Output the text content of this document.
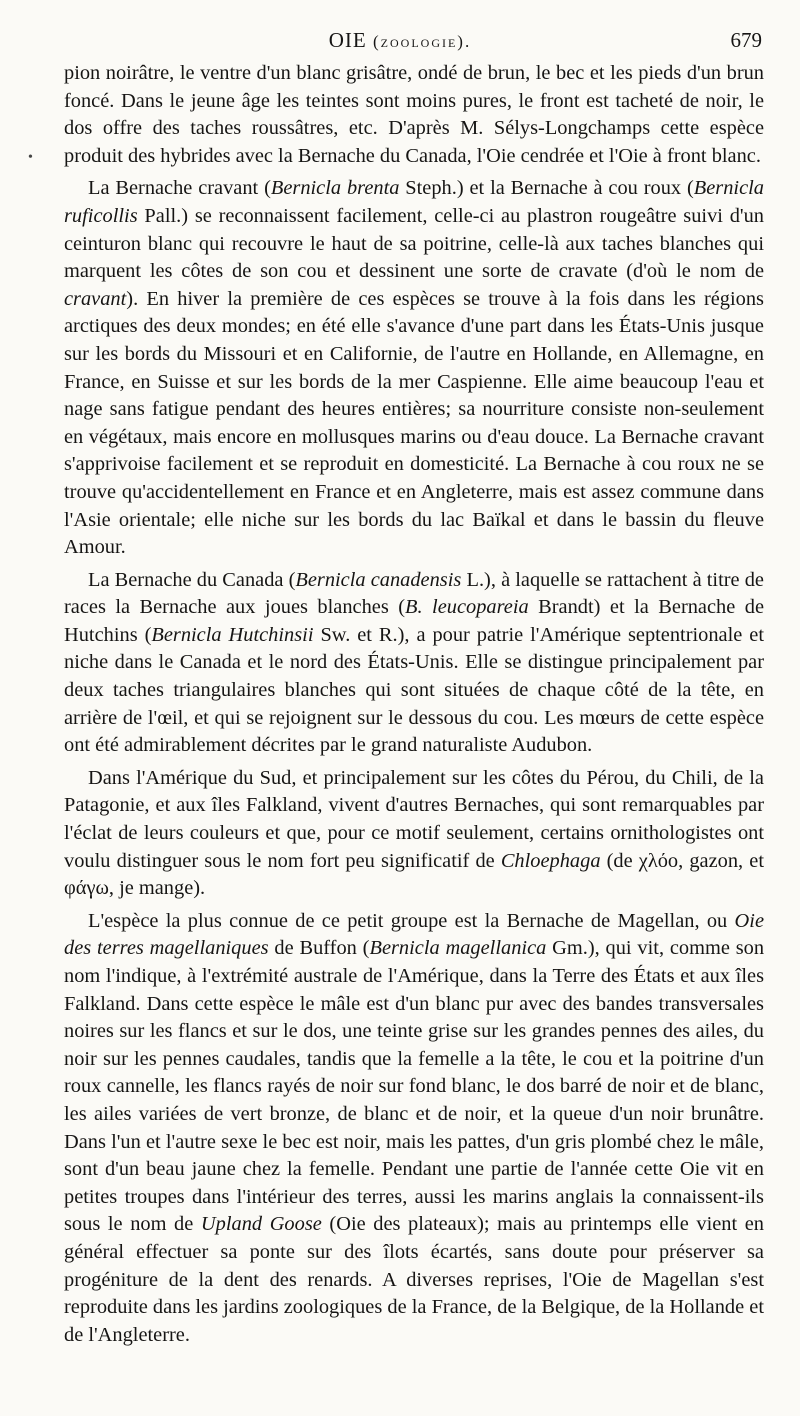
OIE (zoologie).	679
•

pion noirâtre, le ventre d'un blanc grisâtre, ondé de brun, le bec et les pieds d'un brun foncé. Dans le jeune âge les teintes sont moins pures, le front est tacheté de noir, le dos offre des taches roussâtres, etc. D'après M. Sélys-Longchamps cette espèce produit des hybrides avec la Bernache du Canada, l'Oie cendrée et l'Oie à front blanc.

La Bernache cravant (Bernicla brenta Steph.) et la Bernache à cou roux (Bernicla ruficollis Pall.) se reconnaissent facilement, celle-ci au plastron rougeâtre suivi d'un ceinturon blanc qui recouvre le haut de sa poitrine, celle-là aux taches blanches qui marquent les côtes de son cou et dessinent une sorte de cravate (d'où le nom de cravant). En hiver la première de ces espèces se trouve à la fois dans les régions arctiques des deux mondes; en été elle s'avance d'une part dans les États-Unis jusque sur les bords du Missouri et en Californie, de l'autre en Hollande, en Allemagne, en France, en Suisse et sur les bords de la mer Caspienne. Elle aime beaucoup l'eau et nage sans fatigue pendant des heures entières; sa nourriture consiste non-seulement en végétaux, mais encore en mollusques marins ou d'eau douce. La Bernache cravant s'apprivoise facilement et se reproduit en domesticité. La Bernache à cou roux ne se trouve qu'accidentellement en France et en Angleterre, mais est assez commune dans l'Asie orientale; elle niche sur les bords du lac Baïkal et dans le bassin du fleuve Amour.

La Bernache du Canada (Bernicla canadensis L.), à laquelle se rattachent à titre de races la Bernache aux joues blanches (B. leucopareia Brandt) et la Bernache de Hutchins (Bernicla Hutchinsii Sw. et R.), a pour patrie l'Amérique septentrionale et niche dans le Canada et le nord des États-Unis. Elle se distingue principalement par deux taches triangulaires blanches qui sont situées de chaque côté de la tête, en arrière de l'œil, et qui se rejoignent sur le dessous du cou. Les mœurs de cette espèce ont été admirablement décrites par le grand naturaliste Audubon.

Dans l'Amérique du Sud, et principalement sur les côtes du Pérou, du Chili, de la Patagonie, et aux îles Falkland, vivent d'autres Bernaches, qui sont remarquables par l'éclat de leurs couleurs et que, pour ce motif seulement, certains ornithologistes ont voulu distinguer sous le nom fort peu significatif de Chloephaga (de χλόο, gazon, et φάγω, je mange).

L'espèce la plus connue de ce petit groupe est la Bernache de Magellan, ou Oie des terres magellaniques de Buffon (Bernicla magellanica Gm.), qui vit, comme son nom l'indique, à l'extrémité australe de l'Amérique, dans la Terre des États et aux îles Falkland. Dans cette espèce le mâle est d'un blanc pur avec des bandes transversales noires sur les flancs et sur le dos, une teinte grise sur les grandes pennes des ailes, du noir sur les pennes caudales, tandis que la femelle a la tête, le cou et la poitrine d'un roux cannelle, les flancs rayés de noir sur fond blanc, le dos barré de noir et de blanc, les ailes variées de vert bronze, de blanc et de noir, et la queue d'un noir brunâtre. Dans l'un et l'autre sexe le bec est noir, mais les pattes, d'un gris plombé chez le mâle, sont d'un beau jaune chez la femelle. Pendant une partie de l'année cette Oie vit en petites troupes dans l'intérieur des terres, aussi les marins anglais la connaissent-ils sous le nom de Upland Goose (Oie des plateaux); mais au printemps elle vient en général effectuer sa ponte sur des îlots écartés, sans doute pour préserver sa progéniture de la dent des renards. A diverses reprises, l'Oie de Magellan s'est reproduite dans les jardins zoologiques de la France, de la Belgique, de la Hollande et de l'Angleterre.
